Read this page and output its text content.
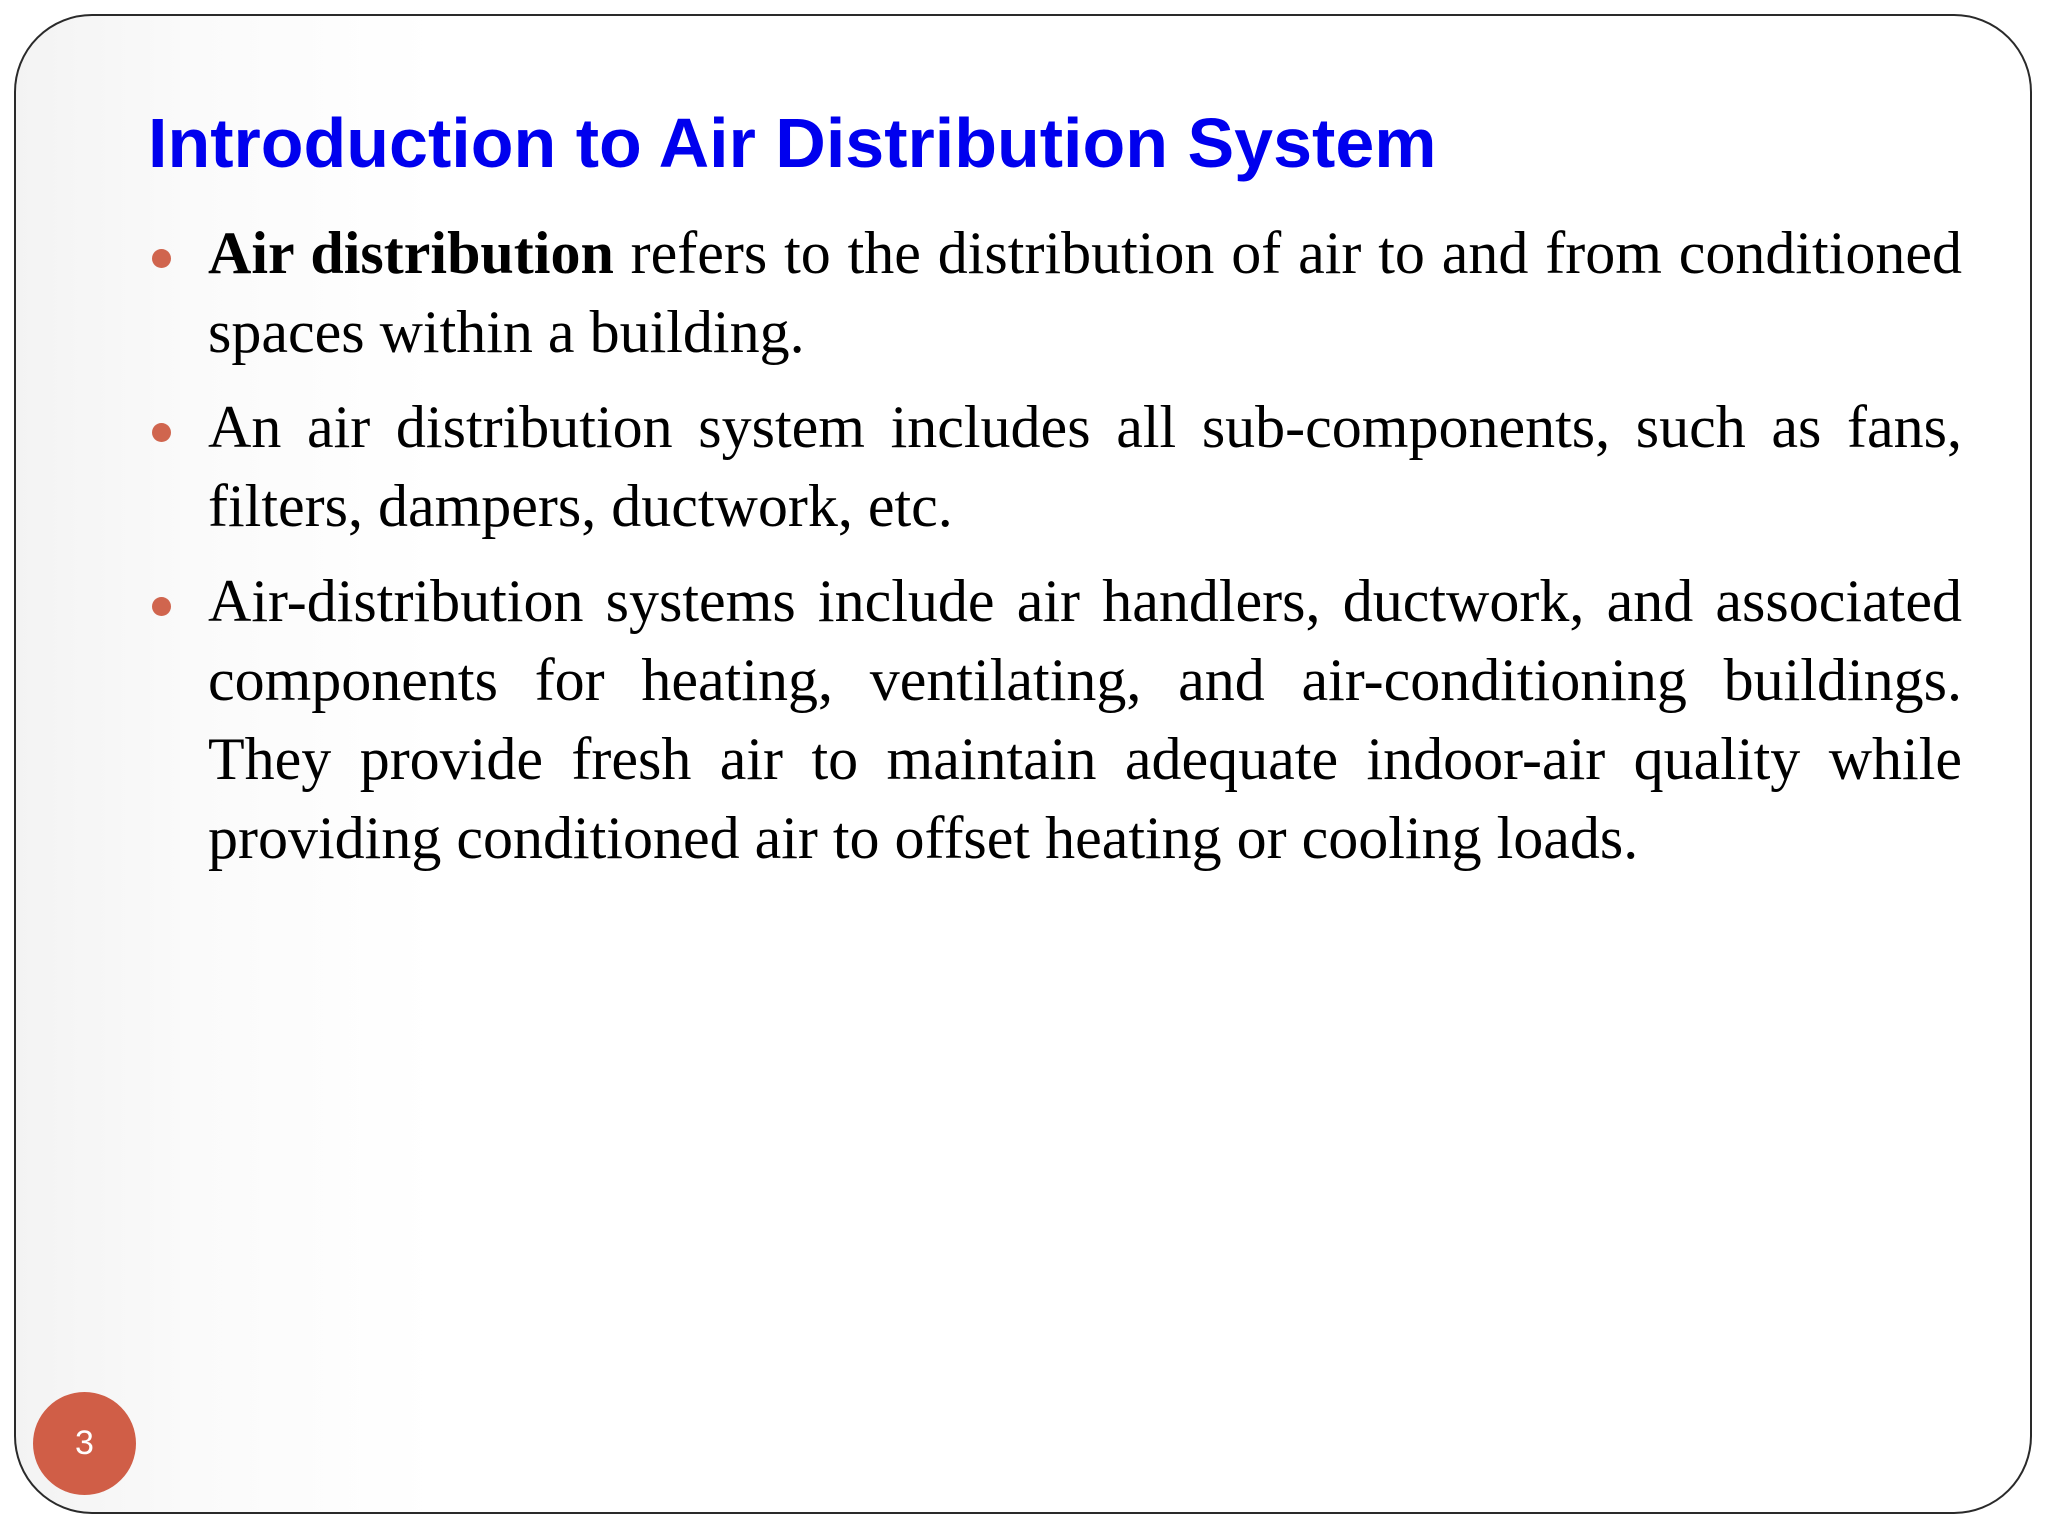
Introduction to Air Distribution System
Air distribution refers to the distribution of air to and from conditioned spaces within a building.
An air distribution system includes all sub-components, such as fans, filters, dampers, ductwork, etc.
Air-distribution systems include air handlers, ductwork, and associated components for heating, ventilating, and air-conditioning buildings. They provide fresh air to maintain adequate indoor-air quality while providing conditioned air to offset heating or cooling loads.
3
